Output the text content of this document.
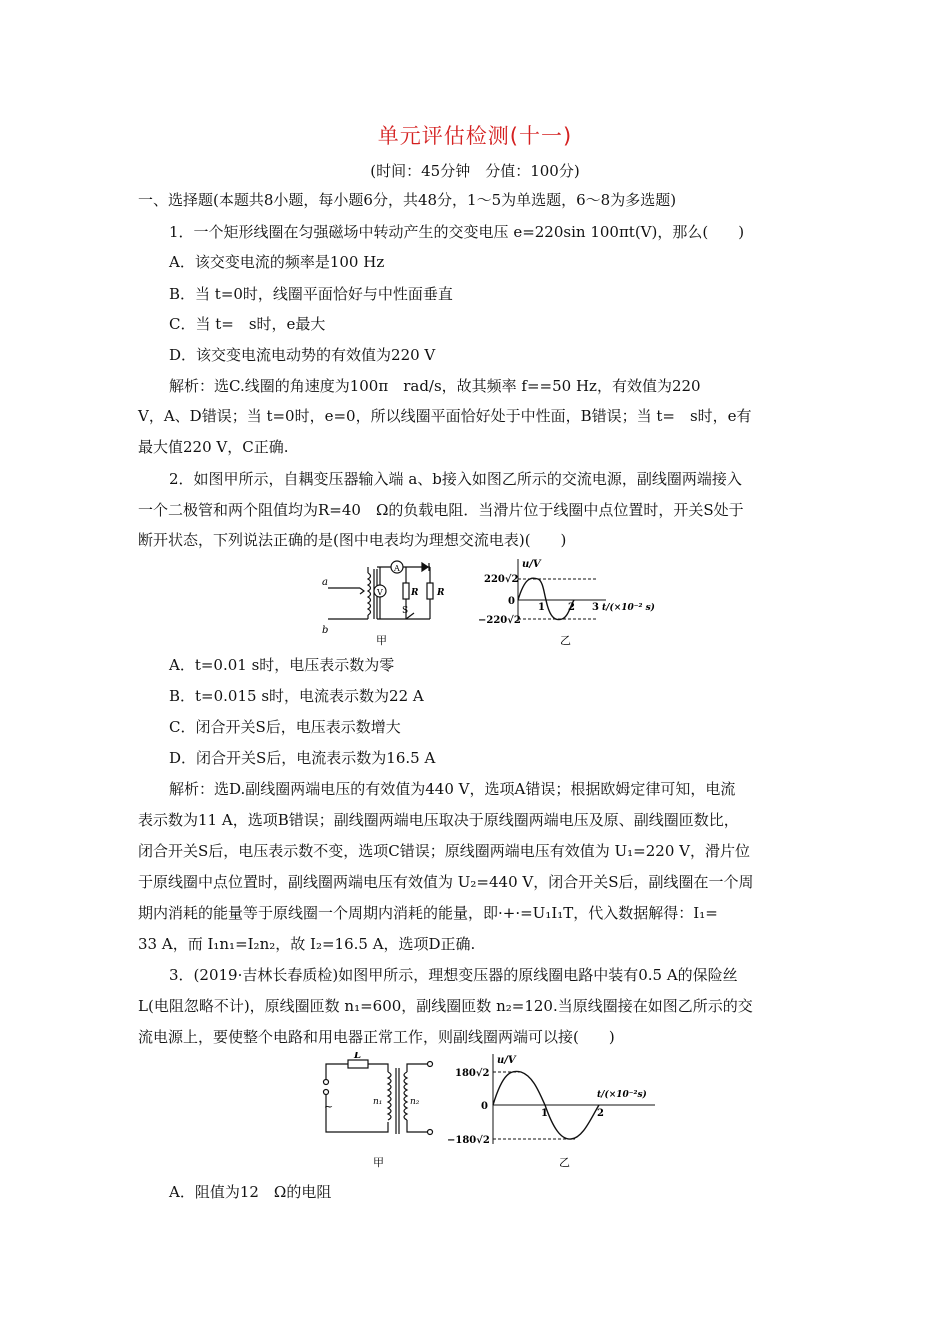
单元评估检测(十一)
(时间：45分钟　分值：100分)
一、选择题(本题共8小题，每小题6分，共48分，1～5为单选题，6～8为多选题)
1．一个矩形线圈在匀强磁场中转动产生的交变电压 e=220sin 100πt(V)，那么(　　)
A．该交变电流的频率是100 Hz
B．当 t=0时，线圈平面恰好与中性面垂直
C．当 t=　s时，e最大
D．该交变电流电动势的有效值为220 V
解析：选C.线圈的角速度为100π　rad/s，故其频率 f==50 Hz，有效值为220
V，A、D错误；当 t=0时，e=0，所以线圈平面恰好处于中性面，B错误；当 t=　s时，e有
最大值220 V，C正确.
2．如图甲所示，自耦变压器输入端 a、b接入如图乙所示的交流电源，副线圈两端接入
一个二极管和两个阻值均为R=40　Ω的负载电阻．当滑片位于线圈中点位置时，开关S处于
断开状态，下列说法正确的是(图中电表均为理想交流电表)(　　)
a
b
V
A
R R
S
甲
220√2
0
−220√2
u/V
1 2 3 t/(×10⁻² s)
乙
A．t=0.01 s时，电压表示数为零
B．t=0.015 s时，电流表示数为22 A
C．闭合开关S后，电压表示数增大
D．闭合开关S后，电流表示数为16.5 A
解析：选D.副线圈两端电压的有效值为440 V，选项A错误；根据欧姆定律可知，电流
表示数为11 A，选项B错误；副线圈两端电压取决于原线圈两端电压及原、副线圈匝数比，
闭合开关S后，电压表示数不变，选项C错误；原线圈两端电压有效值为 U₁=220 V，滑片位
于原线圈中点位置时，副线圈两端电压有效值为 U₂=440 V，闭合开关S后，副线圈在一个周
期内消耗的能量等于原线圈一个周期内消耗的能量，即·+·=U₁I₁T，代入数据解得：I₁=
33 A，而 I₁n₁=I₂n₂，故 I₂=16.5 A，选项D正确.
3．(2019·吉林长春质检)如图甲所示，理想变压器的原线圈电路中装有0.5 A的保险丝
L(电阻忽略不计)，原线圈匝数 n₁=600，副线圈匝数 n₂=120.当原线圈接在如图乙所示的交
流电源上，要使整个电路和用电器正常工作，则副线圈两端可以接(　　)
~
L
n₁	n₂
甲
180√2
0
−180√2
u/V
1	2
t/(×10⁻²s)
乙
A．阻值为12　Ω的电阻
